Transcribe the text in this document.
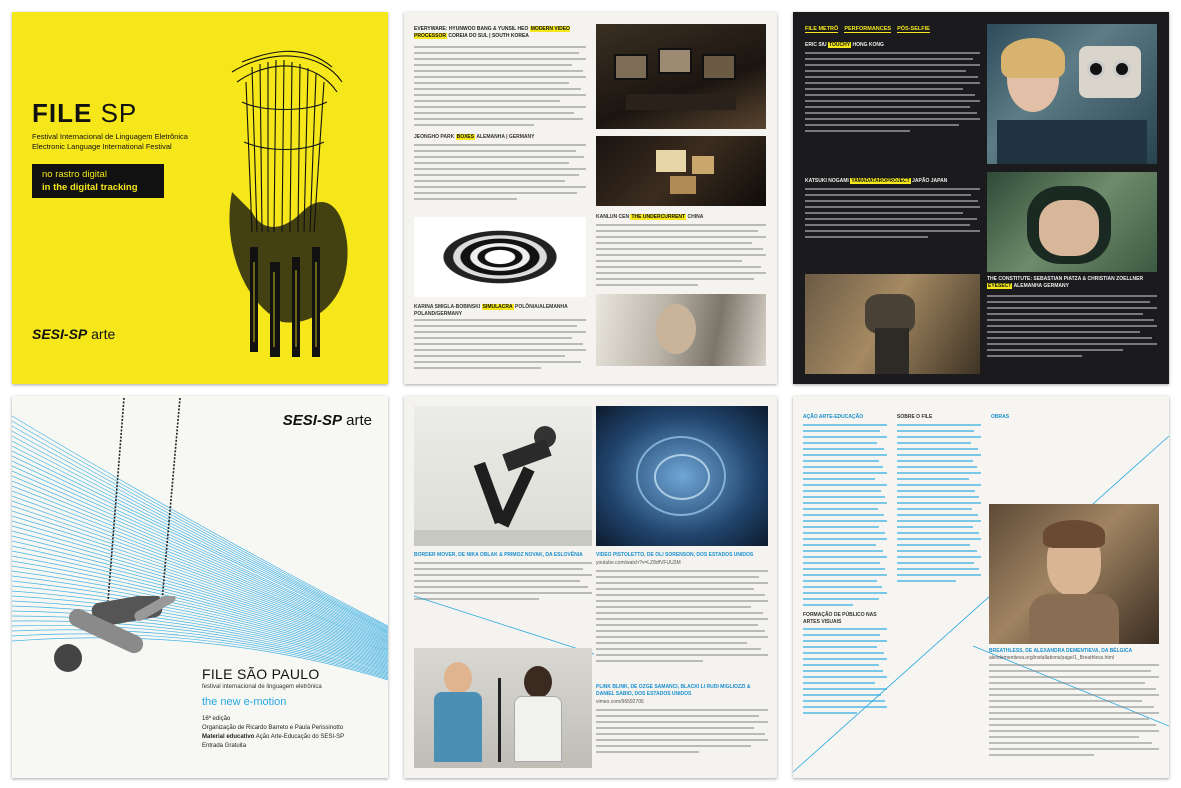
FILE SP
Festival Internacional de Linguagem Eletrônica
Electronic Language International Festival
no rastro digital
in the digital tracking
SESI-SP arte
EVERYWARE: HYUNWOO BANG & YUNSIL HEO MODERN VIDEO PROCESSOR COREIA DO SUL | SOUTH KOREA
JEONGHO PARK BOXES ALEMANHA | GERMANY
KARINA SMIGLA-BOBINSKI SIMULACRA POLÔNIA/ALEMANHA POLAND/GERMANY
KANLUN CEN THE UNDERCURRENT CHINA
FILE METRÔ PERFORMANCES PÓS-SELFIE
ERIC SIU TOUCHY HONG KONG
KATSUKI NOGAMI YAMADATAROPROJECT JAPÃO JAPAN
THE CONSTITUTE: SEBASTIAN PIATZA & CHRISTIAN ZOELLNER EYESECT ALEMANHA GERMANY
SESI-SP arte
FILE SÃO PAULO
festival internacional de linguagem eletrônica
the new e-motion
16ª edição
Organização de Ricardo Barreto e Paula Perissinotto
Material educativo Ação Arte-Educação do SESI-SP
Entrada Gratuita
BORDER MOVER, DE NIKA OBLAK & PRIMOZ NOVAK, DA ESLOVÊNIA	VIDEO PISTOLETTO, DE OLI SORENSON, DOS ESTADOS UNIDOS
youtube.com/watch?v=LZ8dfVFUU3M
PLINK BLINK, DE OZGE SAMANCI, BLACKI LI RUDI MIGLIOZZI & DANIEL SABIO, DOS ESTADOS UNIDOS
vimeo.com/96592706
AÇÃO ARTE-EDUCAÇÃO	SOBRE O FILE
FORMAÇÃO DE PÚBLICO NAS ARTES VISUAIS
OBRAS
BREATHLESS, DE ALEXANDRA DEMENTIEVA, DA BÉLGICA
alexdementieva.org/installations/page/1_Breathless.html
